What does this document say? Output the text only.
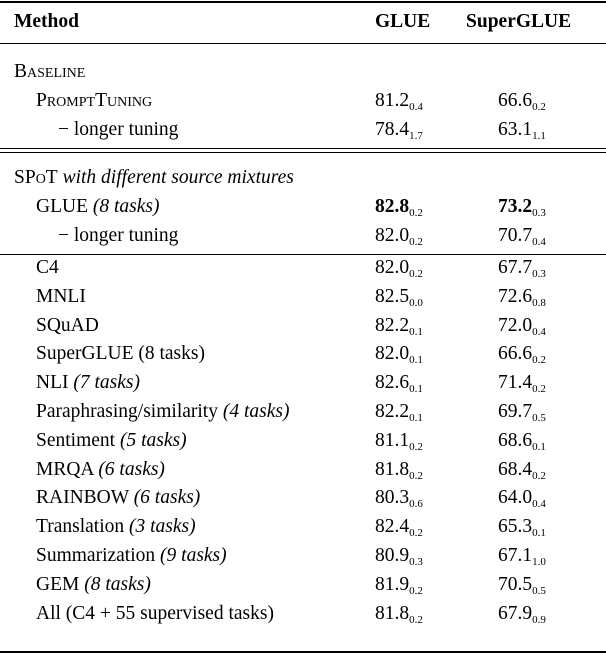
Method	GLUE SuperGLUE
Baseline
PromptTuning	$81.2_{0.4}$	$66.6_{0.2}$
− longer tuning	$78.4_{1.7}$	$63.1_{1.1}$
SPoT with different source mixtures
GLUE (8 tasks)	$82.8_{0.2}$	$73.2_{0.3}$
− longer tuning	$82.0_{0.2}$	$70.7_{0.4}$
C4	$82.0_{0.2}$	$67.7_{0.3}$
MNLI	$82.5_{0.0}$	$72.6_{0.8}$
SQuAD	$82.2_{0.1}$	$72.0_{0.4}$
SuperGLUE (8 tasks)	$82.0_{0.1}$	$66.6_{0.2}$
NLI (7 tasks)	$82.6_{0.1}$	$71.4_{0.2}$
Paraphrasing/similarity (4 tasks)	$82.2_{0.1}$	$69.7_{0.5}$
Sentiment (5 tasks)	$81.1_{0.2}$	$68.6_{0.1}$
MRQA (6 tasks)	$81.8_{0.2}$	$68.4_{0.2}$
RAINBOW (6 tasks)	$80.3_{0.6}$	$64.0_{0.4}$
Translation (3 tasks)	$82.4_{0.2}$	$65.3_{0.1}$
Summarization (9 tasks)	$80.9_{0.3}$	$67.1_{1.0}$
GEM (8 tasks)	$81.9_{0.2}$	$70.5_{0.5}$
All (C4 + 55 supervised tasks)	$81.8_{0.2}$	$67.9_{0.9}$
